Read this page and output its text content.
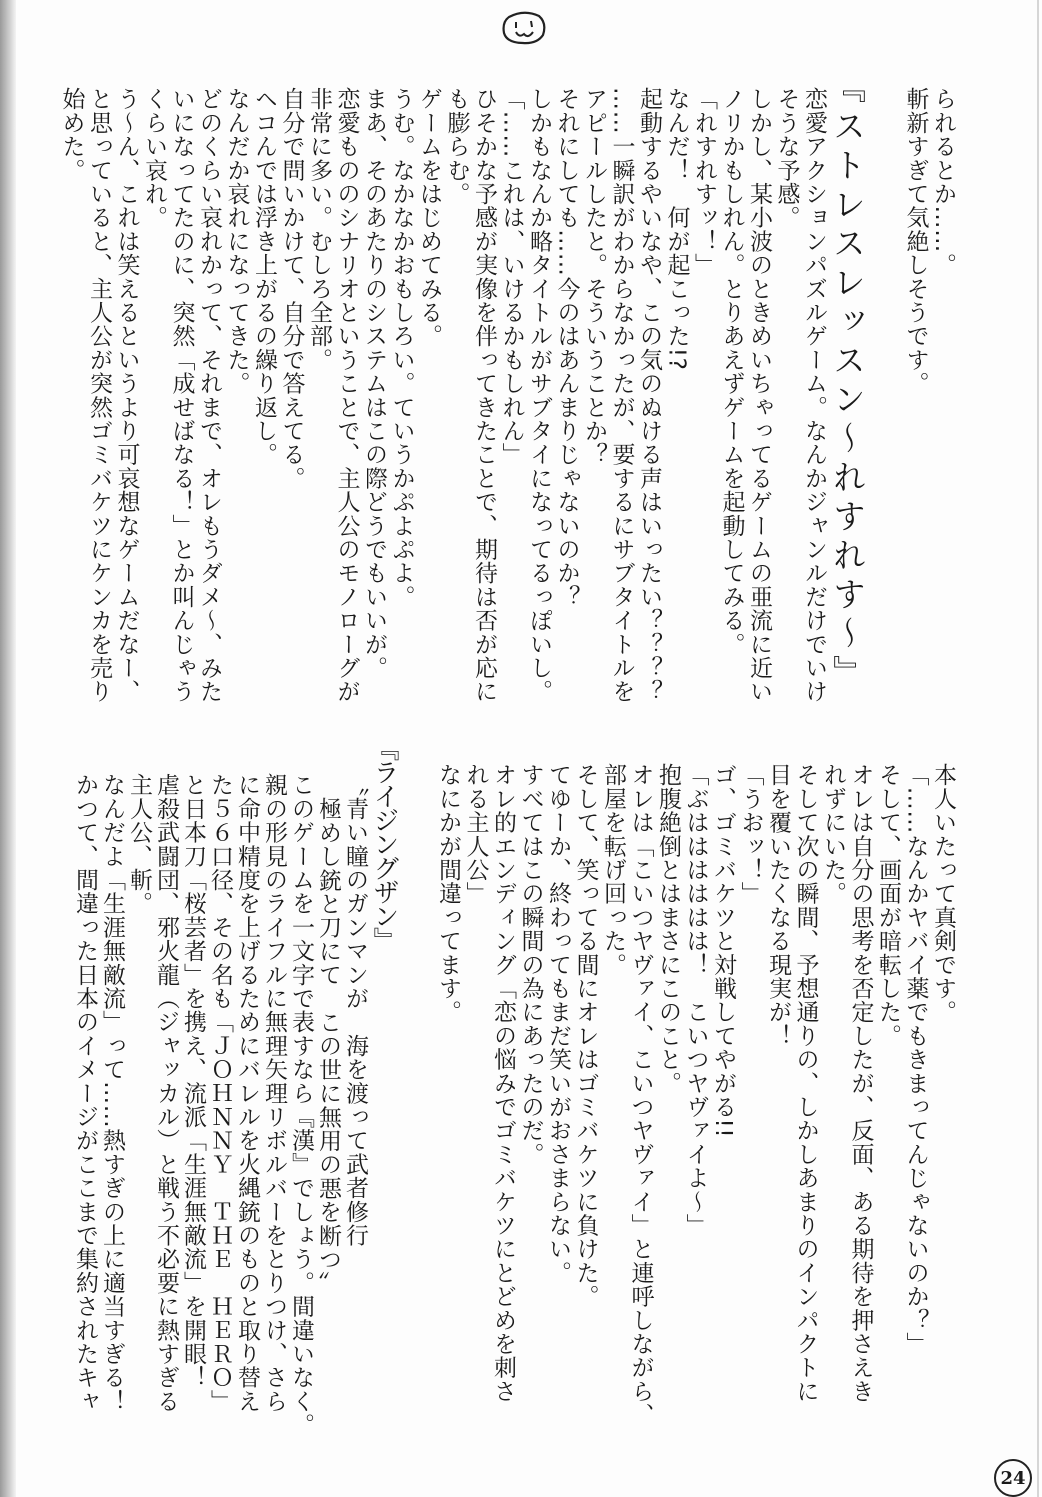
られるとか……。
斬新すぎて気絶しそうです。
『ストレスレッスン〜れすれす〜』
恋愛アクションパズルゲーム。なんかジャンルだけでいけ
そうな予感。
しかし、某小波のときめいちゃってるゲームの亜流に近い
ノリかもしれん。とりあえずゲームを起動してみる。
「れすれすッ！」
なんだ！　何が起こった!?
起動するやいなや、この気のぬける声はいったい？？？？
……一瞬訳がわからなかったが、要するにサブタイトルを
アピールしたと。そういうことか？
それにしても……今のはあんまりじゃないのか？
しかもなんか略タイトルがサブタイになってるっぽいし。
「……これは、いけるかもしれん」
ひそかな予感が実像を伴ってきたことで、期待は否が応に
も膨らむ。
ゲームをはじめてみる。
うむ。なかなかおもしろい。ていうかぷよぷよ。
まあ、そのあたりのシステムはこの際どうでもいいが。
恋愛もののシナリオということで、主人公のモノローグが
非常に多い。むしろ全部。
自分で問いかけて、自分で答えてる。
ヘコんでは浮き上がるの繰り返し。
なんだか哀れになってきた。
どのくらい哀れかって、それまで、オレもうダメ〜、みた
いになってたのに、突然「成せばなる！」とか叫んじゃう
くらい哀れ。
う〜ん、これは笑えるというより可哀想なゲームだなー、
と思っていると、主人公が突然ゴミバケツにケンカを売り
始めた。
本人いたって真剣です。
「……なんかヤバイ薬でもきまってんじゃないのか？」
そして、画面が暗転した。
オレは自分の思考を否定したが、反面、ある期待を押さえき
れずにいた。
そして次の瞬間、予想通りの、しかしあまりのインパクトに
目を覆いたくなる現実が！
「うおッ！」
ゴ、ゴミバケツと対戦してやがる!!
「ぶはははははは！　こいつヤヴァイよ〜」
抱腹絶倒とはまさにこのこと。
オレは「こいつヤヴァイ、こいつヤヴァイ」と連呼しながら、
部屋を転げ回った。
そして、笑ってる間にオレはゴミバケツに負けた。
てゆーか、終わってもまだ笑いがおさまらない。
すべてはこの瞬間の為にあったのだ。
オレ的エンディング「恋の悩みでゴミバケツにとどめを刺さ
れる主人公」
なにかが間違ってます。
『ライジングザン』
〝青い瞳のガンマンが　海を渡って武者修行
極めし銃と刀にて　この世に無用の悪を断つ〟
このゲームを一文字で表すなら『漢』でしょう。間違いなく。
親の形見のライフルに無理矢理リボルバーをとりつけ、さら
に命中精度を上げるためにバレルを火縄銃のものと取り替え
た５６口径、その名も「ＪＯＨＮＮＹ　ＴＨＥ　ＨＥＲＯ」
と日本刀「桜芸者」を携え、流派「生涯無敵流」を開眼！
虐殺武闘団、邪火龍（ジャッカル）と戦う不必要に熱すぎる
主人公、斬。
なんだよ「生涯無敵流」って……熱すぎの上に適当すぎる！
かつて、間違った日本のイメージがここまで集約されたキャ
24
